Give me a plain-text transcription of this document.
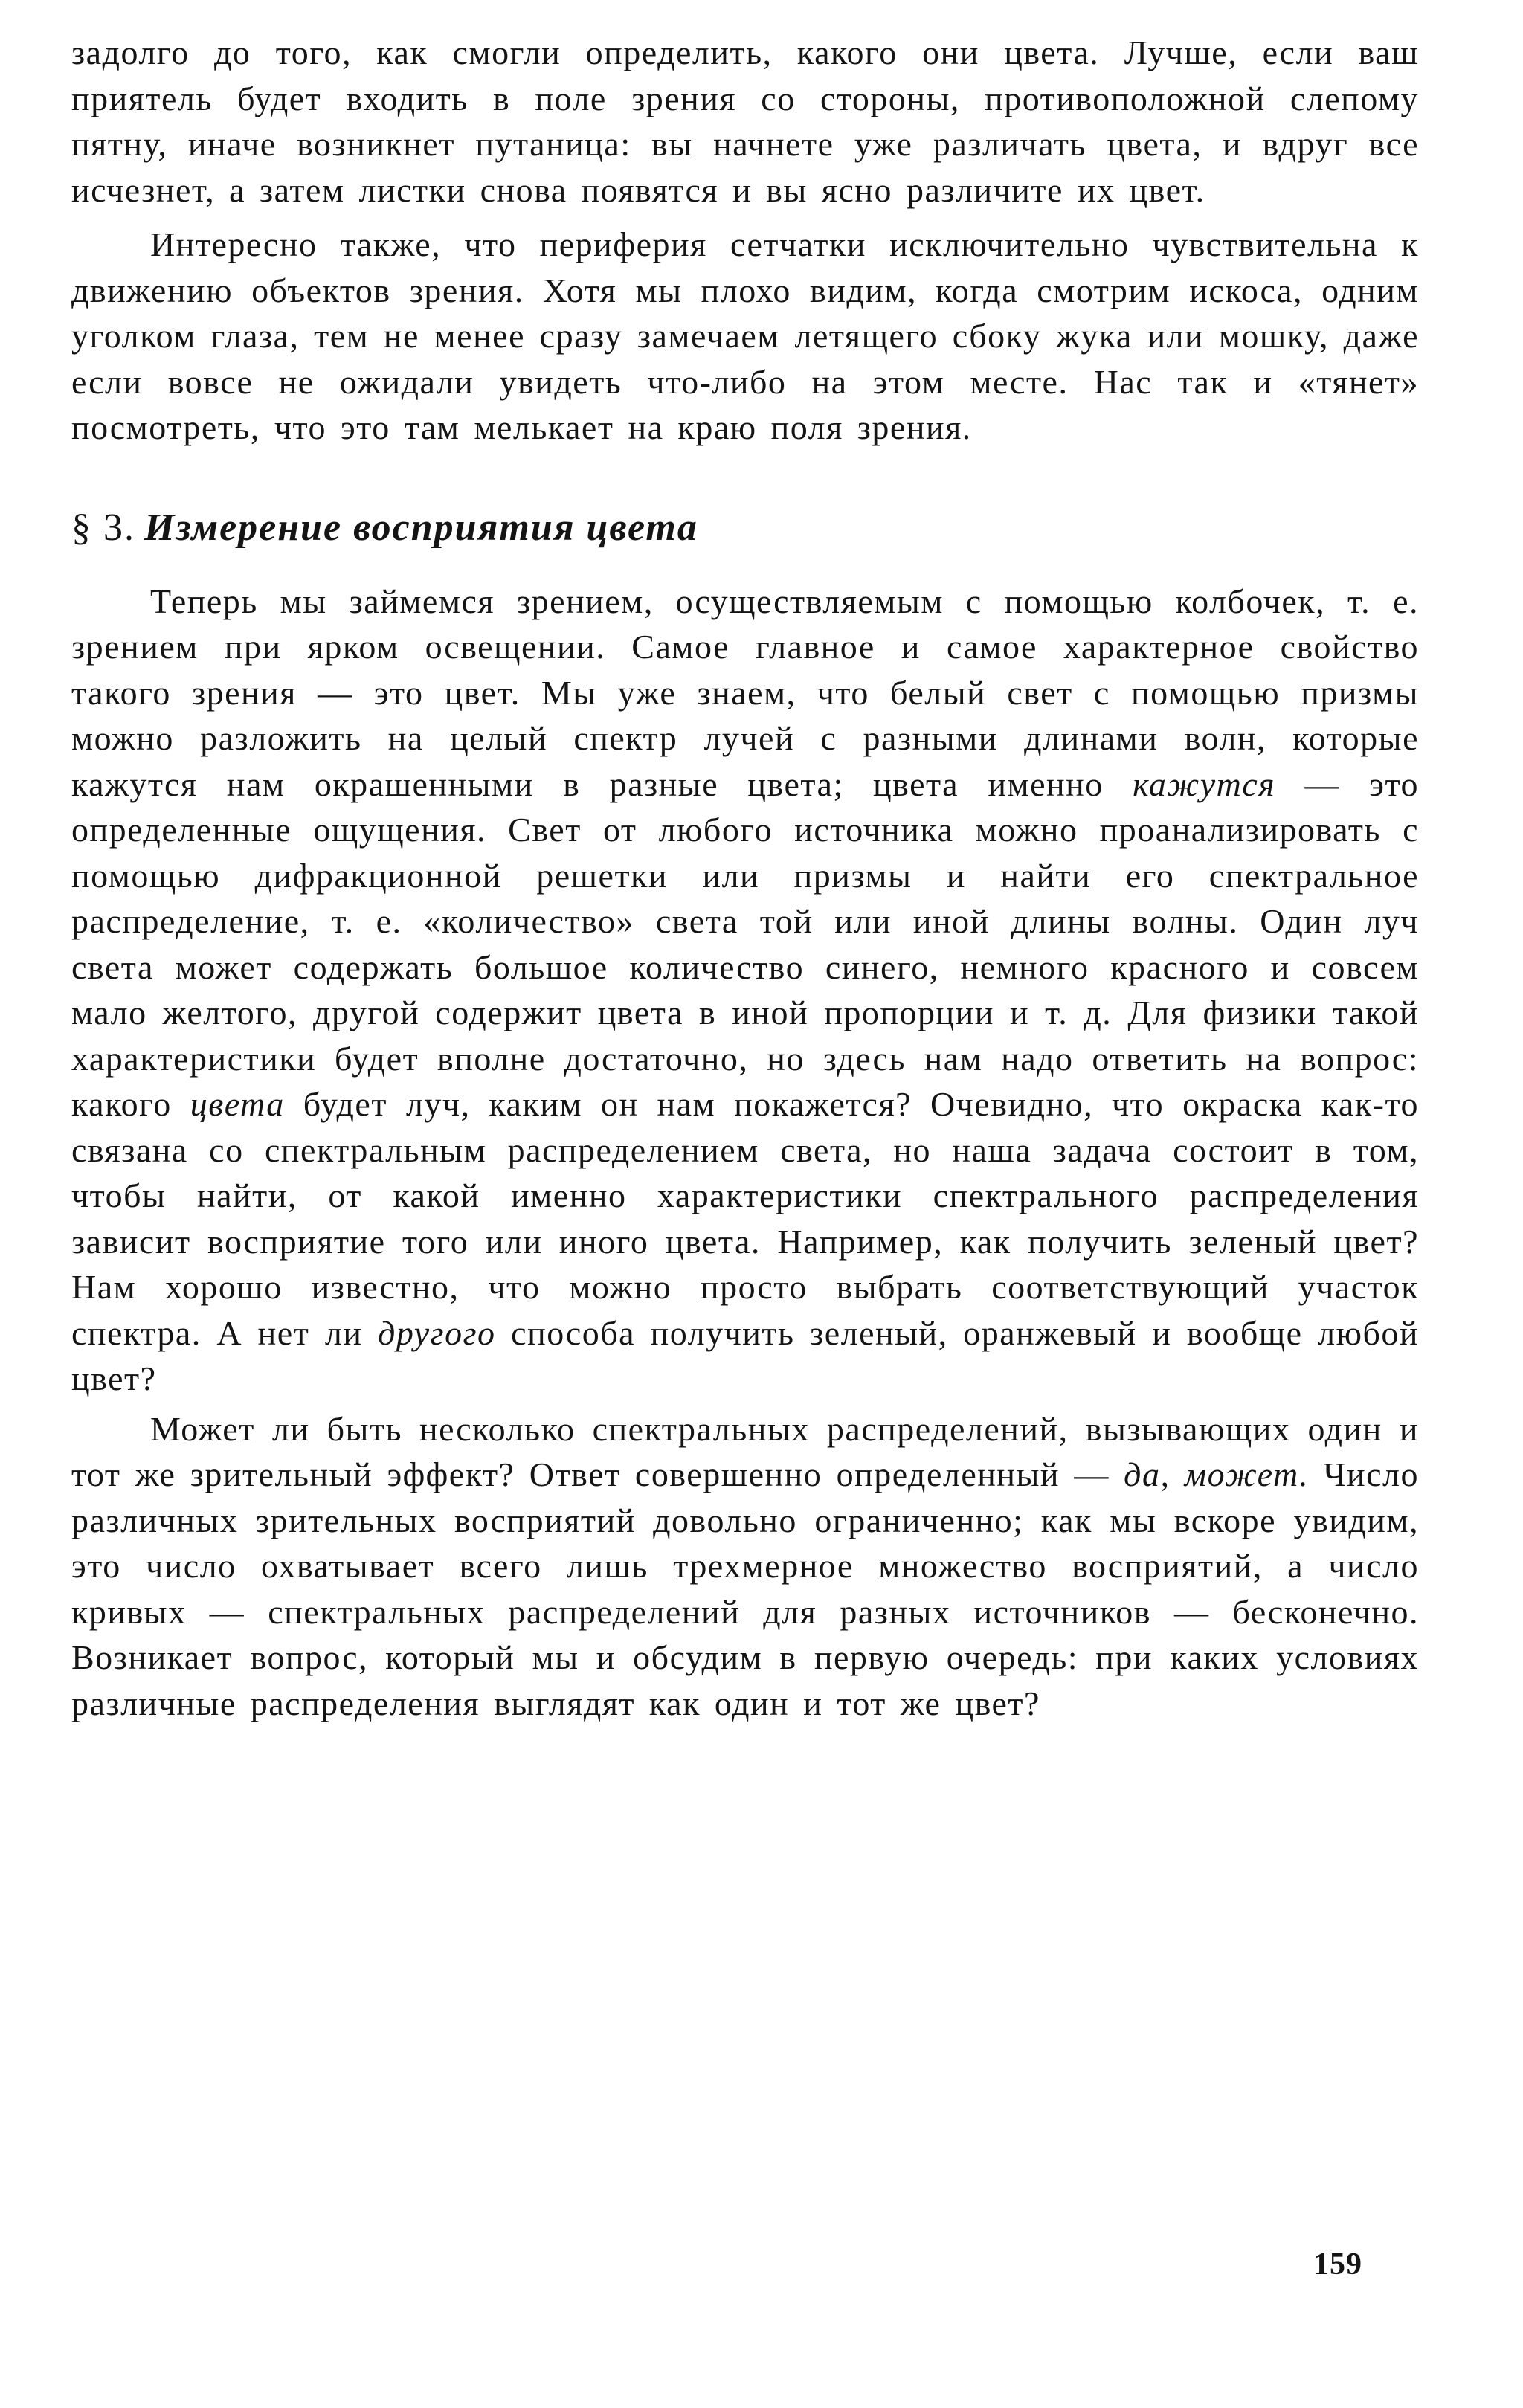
задолго до того, как смогли определить, какого они цвета. Лучше, если ваш приятель будет входить в поле зрения со стороны, противоположной слепому пятну, иначе возникнет путаница: вы начнете уже различать цвета, и вдруг все исчезнет, а затем листки снова появятся и вы ясно различите их цвет.

Интересно также, что периферия сетчатки исключительно чувствительна к движению объектов зрения. Хотя мы плохо видим, когда смотрим искоса, одним уголком глаза, тем не менее сразу замечаем летящего сбоку жука или мошку, даже если вовсе не ожидали увидеть что-либо на этом месте. Нас так и «тянет» посмотреть, что это там мелькает на краю поля зрения.

§ 3. Измерение восприятия цвета

Теперь мы займемся зрением, осуществляемым с помощью колбочек, т. е. зрением при ярком освещении. Самое главное и самое характерное свойство такого зрения — это цвет. Мы уже знаем, что белый свет с помощью призмы можно разложить на целый спектр лучей с разными длинами волн, которые кажутся нам окрашенными в разные цвета; цвета именно кажутся — это определенные ощущения. Свет от любого источника можно проанализировать с помощью дифракционной решетки или призмы и найти его спектральное распределение, т. е. «количество» света той или иной длины волны. Один луч света может содержать большое количество синего, немного красного и совсем мало желтого, другой содержит цвета в иной пропорции и т. д. Для физики такой характеристики будет вполне достаточно, но здесь нам надо ответить на вопрос: какого цвета будет луч, каким он нам покажется? Очевидно, что окраска как-то связана со спектральным распределением света, но наша задача состоит в том, чтобы найти, от какой именно характеристики спектрального распределения зависит восприятие того или иного цвета. Например, как получить зеленый цвет? Нам хорошо известно, что можно просто выбрать соответствующий участок спектра. А нет ли другого способа получить зеленый, оранжевый и вообще любой цвет?

Может ли быть несколько спектральных распределений, вызывающих один и тот же зрительный эффект? Ответ совершенно определенный — да, может. Число различных зрительных восприятий довольно ограниченно; как мы вскоре увидим, это число охватывает всего лишь трехмерное множество восприятий, а число кривых — спектральных распределений для разных источников — бесконечно. Возникает вопрос, который мы и обсудим в первую очередь: при каких условиях различные распределения выглядят как один и тот же цвет?

159
